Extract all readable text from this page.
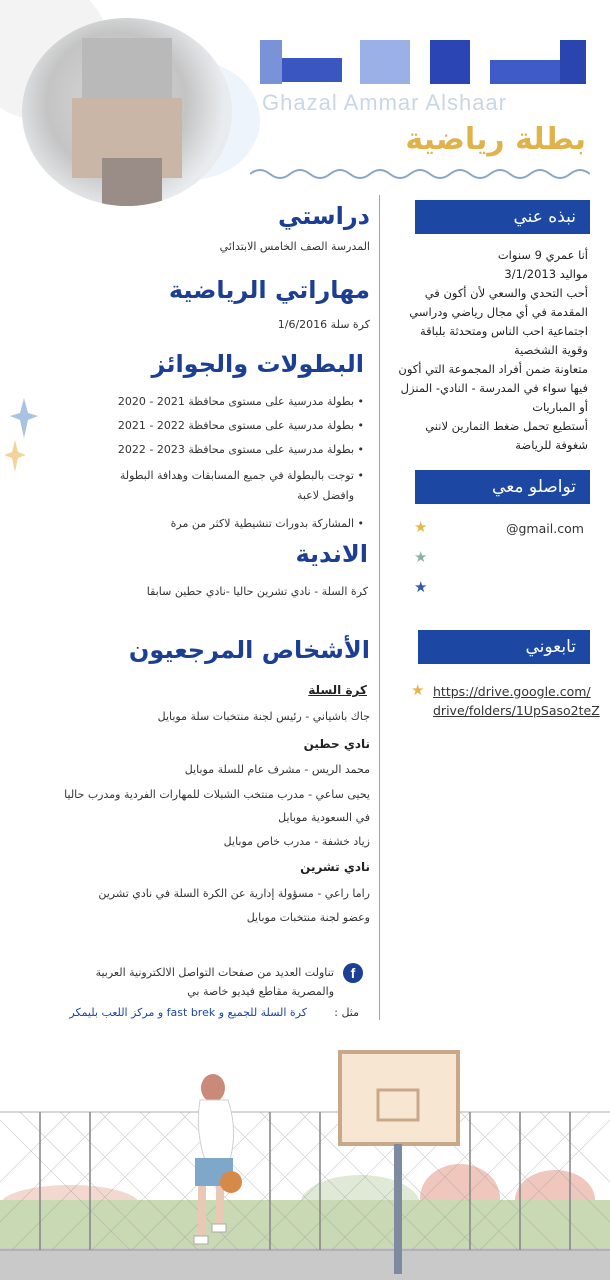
Ghazal Ammar Alshaar
بطلة رياضية
نبذه عني
أنا عمري 9 سنوات
مواليد 3/1/2013
أحب التحدي والسعي لأن أكون في
المقدمة في أي مجال رياضي ودراسي
اجتماعية احب الناس ومتحدثة بلباقة
وقوية الشخصية
متعاونة ضمن أفراد المجموعة التي أكون
فيها سواء في المدرسة - النادي- المنزل
أو المباريات
أستطيع تحمل ضغط التمارين لانني
شغوفة للرياضة
تواصلو معي
★	@gmail.com
★
★
تابعوني
★ https://drive.google.com/
drive/folders/1UpSaso2teZ
دراستي
المدرسة الصف الخامس الابتدائي
مهاراتي الرياضية
كرة سلة 1/6/2016
البطولات والجوائز
• بطولة مدرسية على مستوى محافظة 2021 - 2020
• بطولة مدرسية على مستوى محافظة 2022 - 2021
• بطولة مدرسية على مستوى محافظة 2023 - 2022
• توجت بالبطولة في جميع المسابقات وهدافة البطولة
وافضل لاعبة
• المشاركة بدورات تنشيطية لاكثر من مرة
الاندية
كرة السلة - نادي تشرين حاليا -نادي حطين سابقا
الأشخاص المرجعيون
كرة السلة
جاك باشياني - رئيس لجنة منتخبات سلة موبايل
نادي حطين
محمد الريس - مشرف عام للسلة موبايل
يحيى ساعي - مدرب منتخب الشبلات للمهارات الفردية ومدرب حاليا
في السعودية موبايل
زياد خشفة - مدرب خاص موبايل
نادي تشرين
راما راعي - مسؤولة إدارية عن الكرة السلة في نادي تشرين
وعضو لجنة منتخبات موبايل
f
تناولت العديد من صفحات التواصل الالكترونية العربية
والمصرية مقاطع فيديو خاصة بي
مثل :
كرة السلة للجميع و fast brek و مركز اللعب بليمكر
